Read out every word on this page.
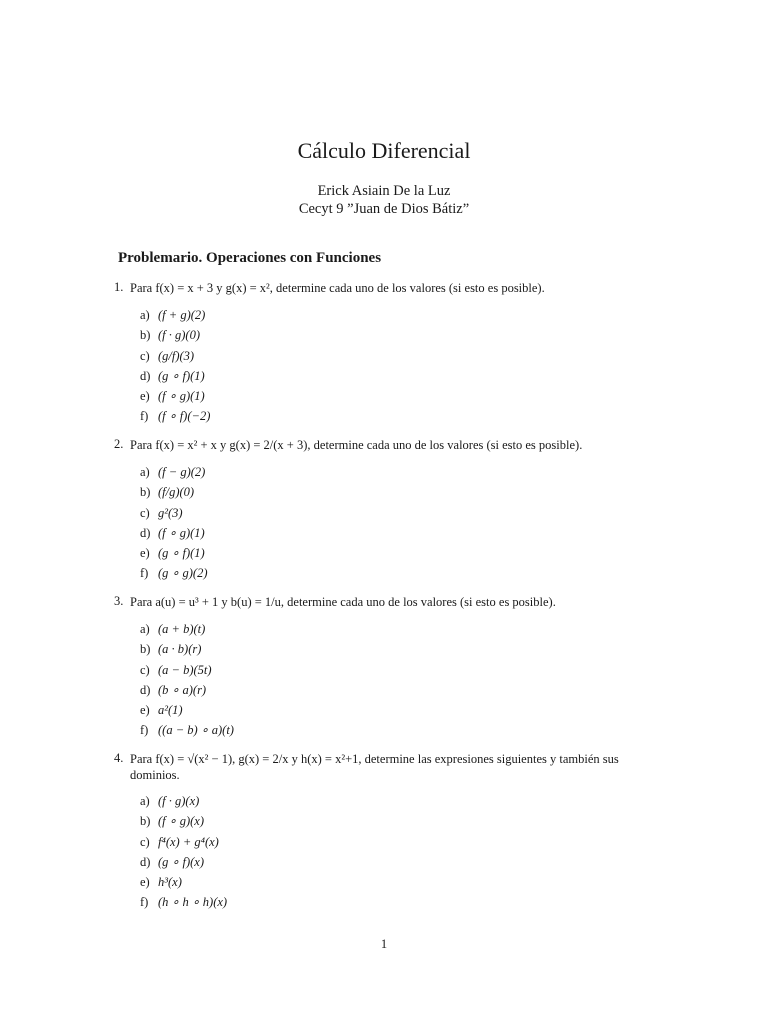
Cálculo Diferencial
Erick Asiain De la Luz
Cecyt 9 ”Juan de Dios Bátiz”
Problemario. Operaciones con Funciones
1. Para f(x) = x + 3 y g(x) = x², determine cada uno de los valores (si esto es posible).
a) (f + g)(2)
b) (f · g)(0)
c) (g/f)(3)
d) (g ∘ f)(1)
e) (f ∘ g)(1)
f) (f ∘ f)(−2)
2. Para f(x) = x² + x y g(x) = 2/(x + 3), determine cada uno de los valores (si esto es posible).
a) (f − g)(2)
b) (f/g)(0)
c) g²(3)
d) (f ∘ g)(1)
e) (g ∘ f)(1)
f) (g ∘ g)(2)
3. Para a(u) = u³ + 1 y b(u) = 1/u, determine cada uno de los valores (si esto es posible).
a) (a + b)(t)
b) (a · b)(r)
c) (a − b)(5t)
d) (b ∘ a)(r)
e) a²(1)
f) ((a − b) ∘ a)(t)
4. Para f(x) = √(x² − 1), g(x) = 2/x y h(x) = x²+1, determine las expresiones siguientes y también sus dominios.
a) (f · g)(x)
b) (f ∘ g)(x)
c) f⁴(x) + g⁴(x)
d) (g ∘ f)(x)
e) h³(x)
f) (h ∘ h ∘ h)(x)
1
